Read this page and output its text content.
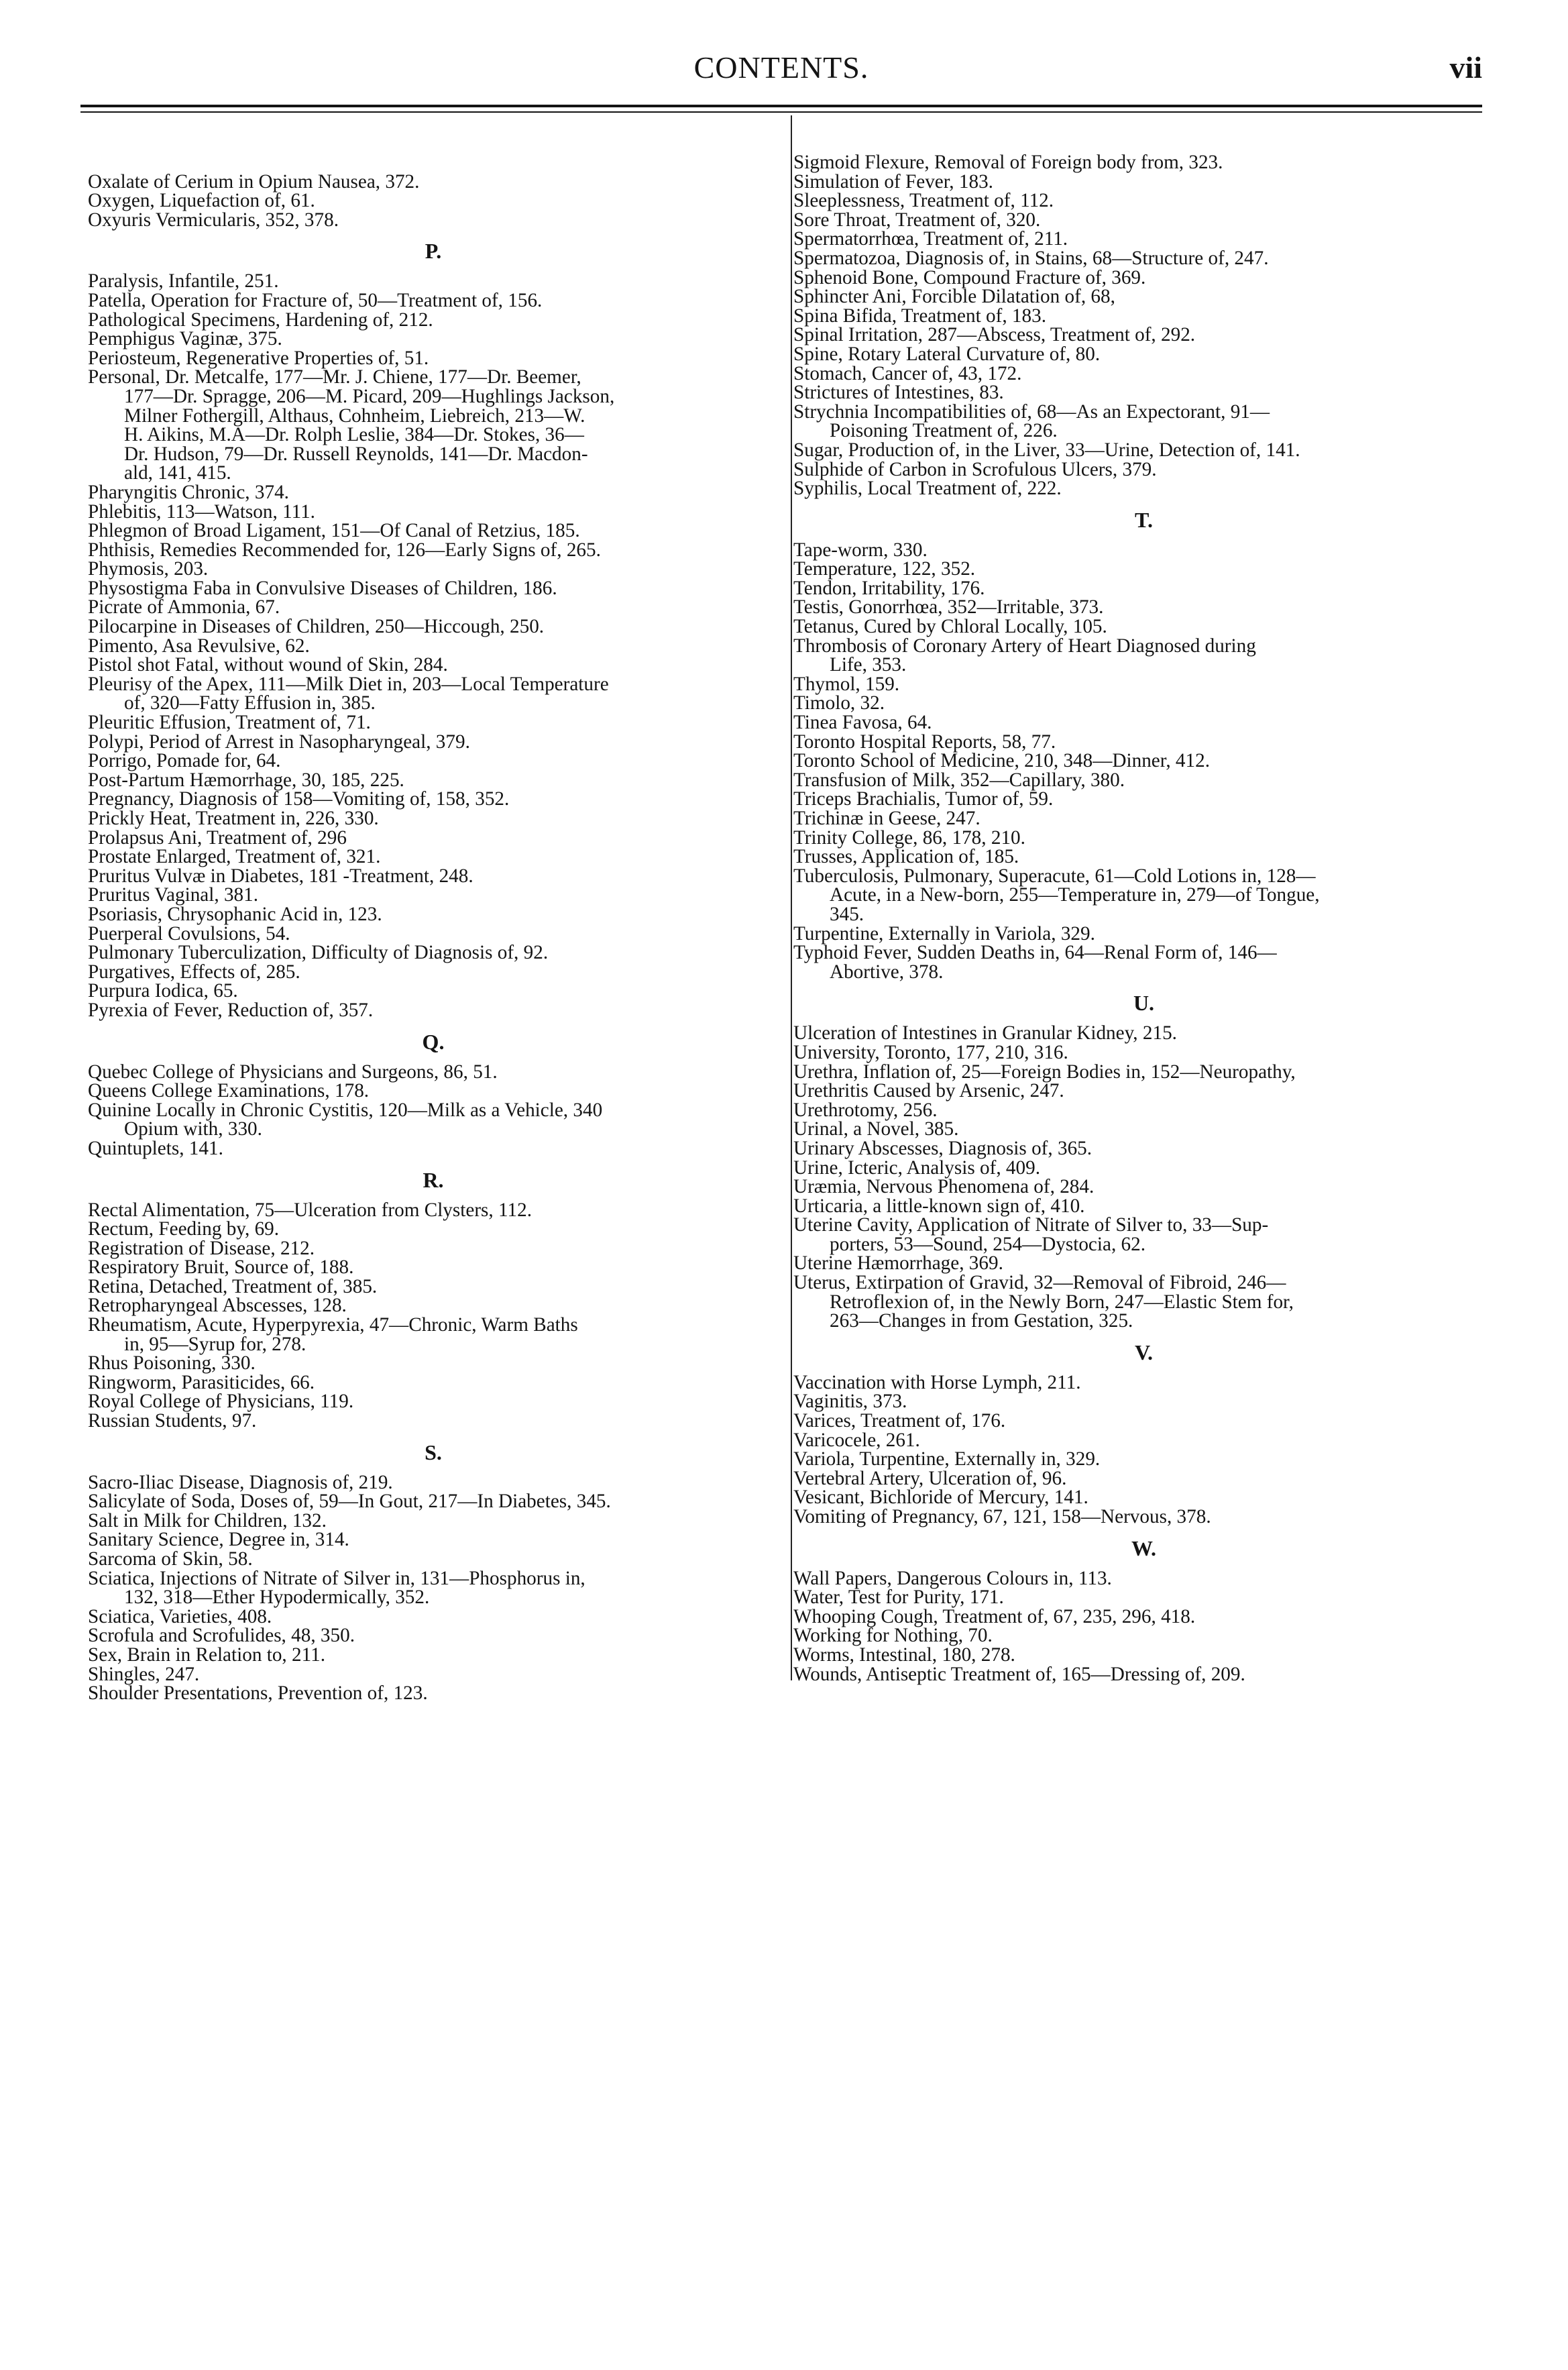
CONTENTS.	vii
Oxalate of Cerium in Opium Nausea, 372.
Oxygen, Liquefaction of, 61.
Oxyuris Vermicularis, 352, 378.
P.
Paralysis, Infantile, 251.
Patella, Operation for Fracture of, 50—Treatment of, 156.
Pathological Specimens, Hardening of, 212.
Pemphigus Vaginæ, 375.
Periosteum, Regenerative Properties of, 51.
Personal, Dr. Metcalfe, 177—Mr. J. Chiene, 177—Dr. Beemer,
177—Dr. Spragge, 206—M. Picard, 209—Hughlings Jackson,
Milner Fothergill, Althaus, Cohnheim, Liebreich, 213—W.
H. Aikins, M.A—Dr. Rolph Leslie, 384—Dr. Stokes, 36—
Dr. Hudson, 79—Dr. Russell Reynolds, 141—Dr. Macdon-
ald, 141, 415.
Pharyngitis Chronic, 374.
Phlebitis, 113—Watson, 111.
Phlegmon of Broad Ligament, 151—Of Canal of Retzius, 185.
Phthisis, Remedies Recommended for, 126—Early Signs of, 265.
Phymosis, 203.
Physostigma Faba in Convulsive Diseases of Children, 186.
Picrate of Ammonia, 67.
Pilocarpine in Diseases of Children, 250—Hiccough, 250.
Pimento, Asa Revulsive, 62.
Pistol shot Fatal, without wound of Skin, 284.
Pleurisy of the Apex, 111—Milk Diet in, 203—Local Temperature
of, 320—Fatty Effusion in, 385.
Pleuritic Effusion, Treatment of, 71.
Polypi, Period of Arrest in Nasopharyngeal, 379.
Porrigo, Pomade for, 64.
Post-Partum Hæmorrhage, 30, 185, 225.
Pregnancy, Diagnosis of 158—Vomiting of, 158, 352.
Prickly Heat, Treatment in, 226, 330.
Prolapsus Ani, Treatment of, 296
Prostate Enlarged, Treatment of, 321.
Pruritus Vulvæ in Diabetes, 181 -Treatment, 248.
Pruritus Vaginal, 381.
Psoriasis, Chrysophanic Acid in, 123.
Puerperal Covulsions, 54.
Pulmonary Tuberculization, Difficulty of Diagnosis of, 92.
Purgatives, Effects of, 285.
Purpura Iodica, 65.
Pyrexia of Fever, Reduction of, 357.
Q.
Quebec College of Physicians and Surgeons, 86, 51.
Queens College Examinations, 178.
Quinine Locally in Chronic Cystitis, 120—Milk as a Vehicle, 340
Opium with, 330.
Quintuplets, 141.
R.
Rectal Alimentation, 75—Ulceration from Clysters, 112.
Rectum, Feeding by, 69.
Registration of Disease, 212.
Respiratory Bruit, Source of, 188.
Retina, Detached, Treatment of, 385.
Retropharyngeal Abscesses, 128.
Rheumatism, Acute, Hyperpyrexia, 47—Chronic, Warm Baths
in, 95—Syrup for, 278.
Rhus Poisoning, 330.
Ringworm, Parasiticides, 66.
Royal College of Physicians, 119.
Russian Students, 97.
S.
Sacro-Iliac Disease, Diagnosis of, 219.
Salicylate of Soda, Doses of, 59—In Gout, 217—In Diabetes, 345.
Salt in Milk for Children, 132.
Sanitary Science, Degree in, 314.
Sarcoma of Skin, 58.
Sciatica, Injections of Nitrate of Silver in, 131—Phosphorus in,
132, 318—Ether Hypodermically, 352.
Sciatica, Varieties, 408.
Scrofula and Scrofulides, 48, 350.
Sex, Brain in Relation to, 211.
Shingles, 247.
Shoulder Presentations, Prevention of, 123.
Sigmoid Flexure, Removal of Foreign body from, 323.
Simulation of Fever, 183.
Sleeplessness, Treatment of, 112.
Sore Throat, Treatment of, 320.
Spermatorrhœa, Treatment of, 211.
Spermatozoa, Diagnosis of, in Stains, 68—Structure of, 247.
Sphenoid Bone, Compound Fracture of, 369.
Sphincter Ani, Forcible Dilatation of, 68,
Spina Bifida, Treatment of, 183.
Spinal Irritation, 287—Abscess, Treatment of, 292.
Spine, Rotary Lateral Curvature of, 80.
Stomach, Cancer of, 43, 172.
Strictures of Intestines, 83.
Strychnia Incompatibilities of, 68—As an Expectorant, 91—
Poisoning Treatment of, 226.
Sugar, Production of, in the Liver, 33—Urine, Detection of, 141.
Sulphide of Carbon in Scrofulous Ulcers, 379.
Syphilis, Local Treatment of, 222.
T.
Tape-worm, 330.
Temperature, 122, 352.
Tendon, Irritability, 176.
Testis, Gonorrhœa, 352—Irritable, 373.
Tetanus, Cured by Chloral Locally, 105.
Thrombosis of Coronary Artery of Heart Diagnosed during
Life, 353.
Thymol, 159.
Timolo, 32.
Tinea Favosa, 64.
Toronto Hospital Reports, 58, 77.
Toronto School of Medicine, 210, 348—Dinner, 412.
Transfusion of Milk, 352—Capillary, 380.
Triceps Brachialis, Tumor of, 59.
Trichinæ in Geese, 247.
Trinity College, 86, 178, 210.
Trusses, Application of, 185.
Tuberculosis, Pulmonary, Superacute, 61—Cold Lotions in, 128—
Acute, in a New-born, 255—Temperature in, 279—of Tongue,
345.
Turpentine, Externally in Variola, 329.
Typhoid Fever, Sudden Deaths in, 64—Renal Form of, 146—
Abortive, 378.
U.
Ulceration of Intestines in Granular Kidney, 215.
University, Toronto, 177, 210, 316.
Urethra, Inflation of, 25—Foreign Bodies in, 152—Neuropathy,
Urethritis Caused by Arsenic, 247.
Urethrotomy, 256.
Urinal, a Novel, 385.
Urinary Abscesses, Diagnosis of, 365.
Urine, Icteric, Analysis of, 409.
Uræmia, Nervous Phenomena of, 284.
Urticaria, a little-known sign of, 410.
Uterine Cavity, Application of Nitrate of Silver to, 33—Sup-
porters, 53—Sound, 254—Dystocia, 62.
Uterine Hæmorrhage, 369.
Uterus, Extirpation of Gravid, 32—Removal of Fibroid, 246—
Retroflexion of, in the Newly Born, 247—Elastic Stem for,
263—Changes in from Gestation, 325.
V.
Vaccination with Horse Lymph, 211.
Vaginitis, 373.
Varices, Treatment of, 176.
Varicocele, 261.
Variola, Turpentine, Externally in, 329.
Vertebral Artery, Ulceration of, 96.
Vesicant, Bichloride of Mercury, 141.
Vomiting of Pregnancy, 67, 121, 158—Nervous, 378.
W.
Wall Papers, Dangerous Colours in, 113.
Water, Test for Purity, 171.
Whooping Cough, Treatment of, 67, 235, 296, 418.
Working for Nothing, 70.
Worms, Intestinal, 180, 278.
Wounds, Antiseptic Treatment of, 165—Dressing of, 209.
